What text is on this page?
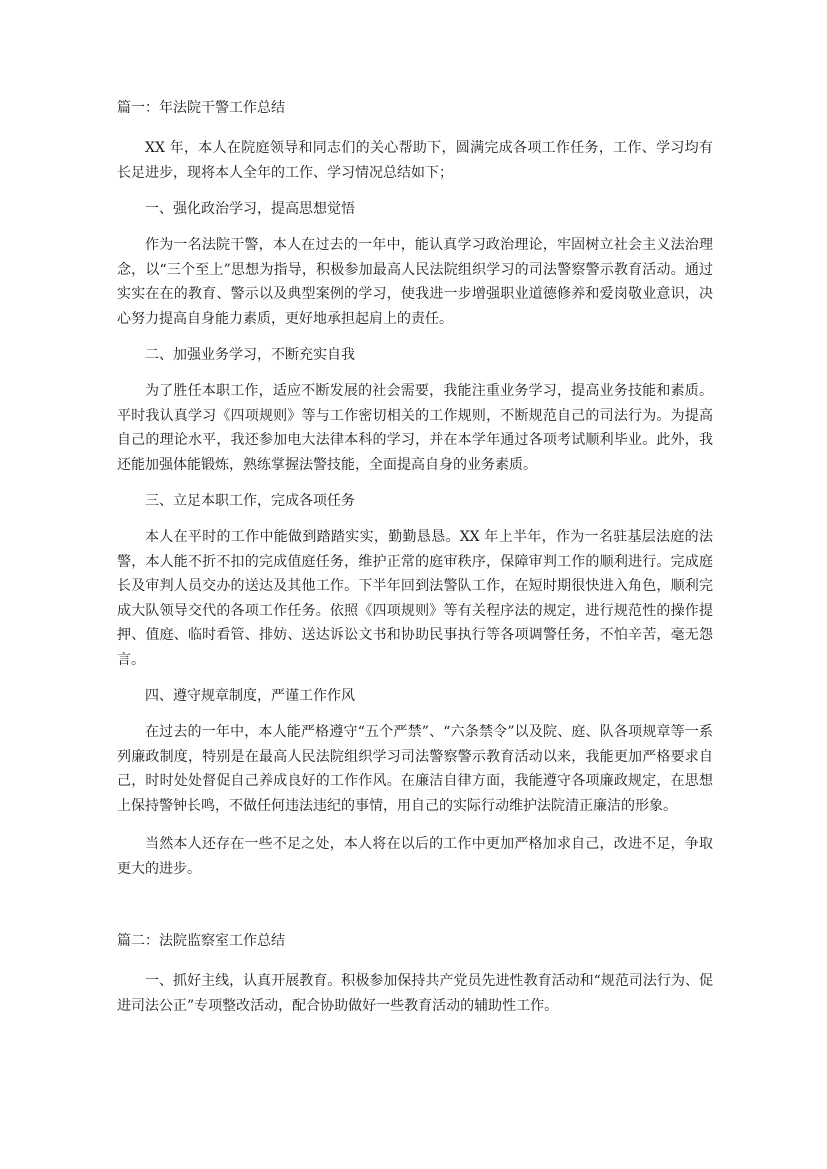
篇一：年法院干警工作总结

XX 年，本人在院庭领导和同志们的关心帮助下，圆满完成各项工作任务，工作、学习均有长足进步，现将本人全年的工作、学习情况总结如下；

一、强化政治学习，提高思想觉悟

作为一名法院干警，本人在过去的一年中，能认真学习政治理论，牢固树立社会主义法治理念，以“三个至上”思想为指导，积极参加最高人民法院组织学习的司法警察警示教育活动。通过实实在在的教育、警示以及典型案例的学习，使我进一步增强职业道德修养和爱岗敬业意识，决心努力提高自身能力素质，更好地承担起肩上的责任。

二、加强业务学习，不断充实自我

为了胜任本职工作，适应不断发展的社会需要，我能注重业务学习，提高业务技能和素质。平时我认真学习《四项规则》等与工作密切相关的工作规则，不断规范自己的司法行为。为提高自己的理论水平，我还参加电大法律本科的学习，并在本学年通过各项考试顺利毕业。此外，我还能加强体能锻炼，熟练掌握法警技能，全面提高自身的业务素质。

三、立足本职工作，完成各项任务

本人在平时的工作中能做到踏踏实实，勤勤恳恳。XX 年上半年，作为一名驻基层法庭的法警，本人能不折不扣的完成值庭任务，维护正常的庭审秩序，保障审判工作的顺利进行。完成庭长及审判人员交办的送达及其他工作。下半年回到法警队工作，在短时期很快进入角色，顺利完成大队领导交代的各项工作任务。依照《四项规则》等有关程序法的规定，进行规范性的操作提押、值庭、临时看管、排妨、送达诉讼文书和协助民事执行等各项调警任务，不怕辛苦，毫无怨言。

四、遵守规章制度，严谨工作作风

在过去的一年中，本人能严格遵守“五个严禁”、“六条禁令”以及院、庭、队各项规章等一系列廉政制度，特别是在最高人民法院组织学习司法警察警示教育活动以来，我能更加严格要求自己，时时处处督促自己养成良好的工作作风。在廉洁自律方面，我能遵守各项廉政规定，在思想上保持警钟长鸣，不做任何违法违纪的事情，用自己的实际行动维护法院清正廉洁的形象。

当然本人还存在一些不足之处，本人将在以后的工作中更加严格加求自己，改进不足，争取更大的进步。

篇二：法院监察室工作总结

一、抓好主线，认真开展教育。积极参加保持共产党员先进性教育活动和“规范司法行为、促进司法公正”专项整改活动，配合协助做好一些教育活动的辅助性工作。
